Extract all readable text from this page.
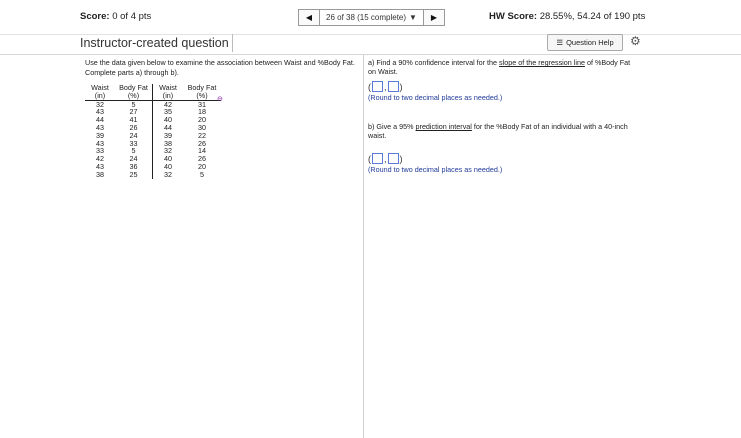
Score: 0 of 4 pts	◀ 26 of 38 (15 complete) ▼ ▶	HW Score: 28.55%, 54.24 of 190 pts
Instructor-created question	☰ Question Help ⚙

Use the data given below to examine the association between Waist and %Body Fat. Complete parts a) through b).

Waist	Body Fat	Waist	Body Fat
(in)	(%)	(in)	(%)
32	5	42	31
43	27	35	18
44	41	40	20
43	26	44	30
39	24	39	22
43	33	38	26
33	5	32	14
42	24	40	26
43	36	40	20
38	25	32	5
⊖

a) Find a 90% confidence interval for the slope of the regression line of %Body Fat on Waist.

( , )

(Round to two decimal places as needed.)

b) Give a 95% prediction interval for the %Body Fat of an individual with a 40-inch waist.

( , )

(Round to two decimal places as needed.)
